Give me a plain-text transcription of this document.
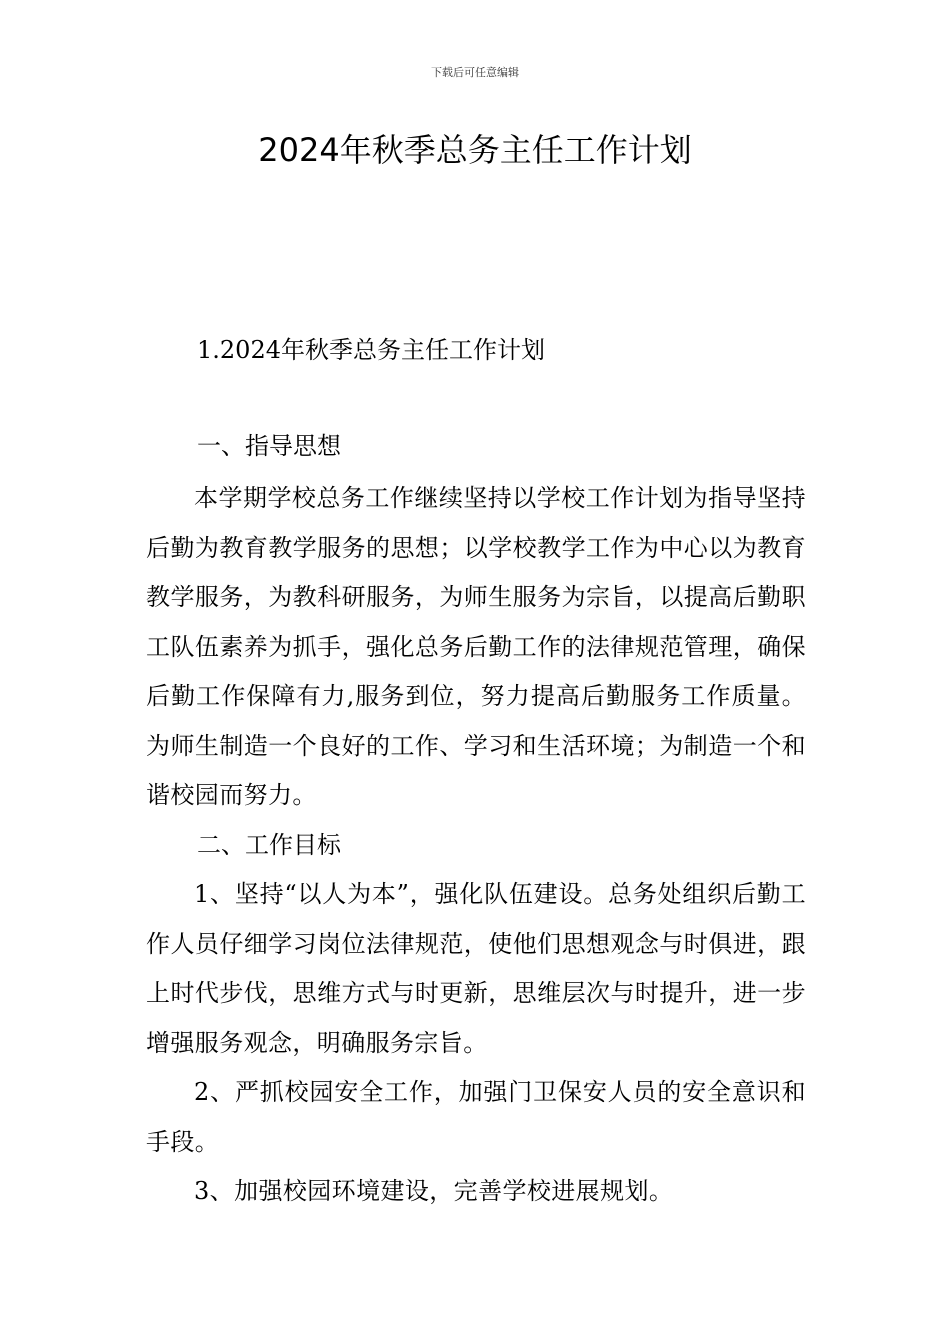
下载后可任意编辑
2024年秋季总务主任工作计划

1.2024年秋季总务主任工作计划

一、指导思想

本学期学校总务工作继续坚持以学校工作计划为指导坚持后勤为教育教学服务的思想；以学校教学工作为中心以为教育教学服务，为教科研服务，为师生服务为宗旨，以提高后勤职工队伍素养为抓手，强化总务后勤工作的法律规范管理，确保后勤工作保障有力,服务到位，努力提高后勤服务工作质量。为师生制造一个良好的工作、学习和生活环境；为制造一个和谐校园而努力。

二、工作目标

1、坚持“以人为本”，强化队伍建设。总务处组织后勤工作人员仔细学习岗位法律规范，使他们思想观念与时俱进，跟上时代步伐，思维方式与时更新，思维层次与时提升，进一步增强服务观念，明确服务宗旨。

2、严抓校园安全工作，加强门卫保安人员的安全意识和手段。

3、加强校园环境建设，完善学校进展规划。
